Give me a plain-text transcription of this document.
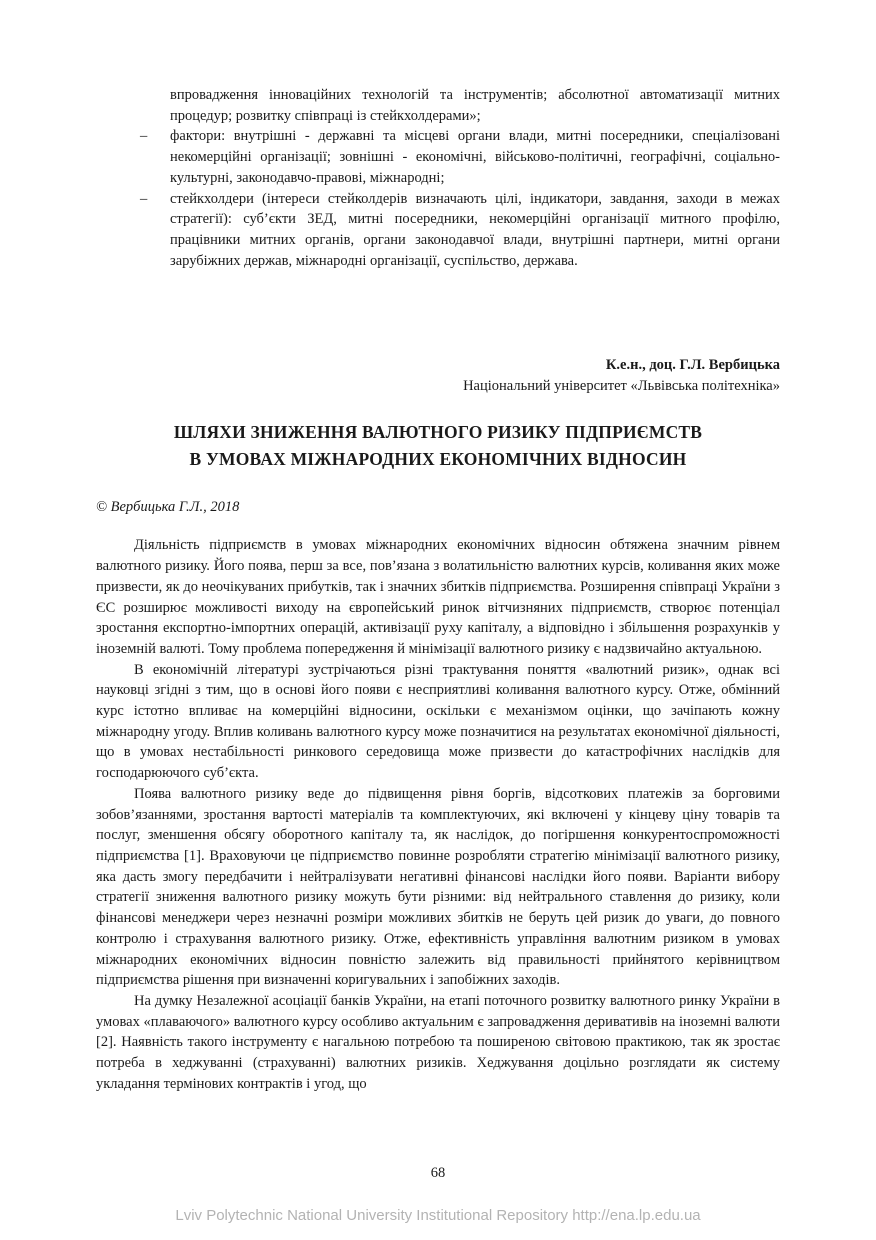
впровадження інноваційних технологій та інструментів; абсолютної автоматизації митних процедур; розвитку співпраці із стейкхолдерами»;

– фактори: внутрішні - державні та місцеві органи влади, митні посередники, спеціалізовані некомерційні організації; зовнішні - економічні, військово-політичні, географічні, соціально-культурні, законодавчо-правові, міжнародні;
– стейкхолдери (інтереси стейколдерів визначають цілі, індикатори, завдання, заходи в межах стратегії): суб’єкти ЗЕД, митні посередники, некомерційні організації митного профілю, працівники митних органів, органи законодавчої влади, внутрішні партнери, митні органи зарубіжних держав, міжнародні організації, суспільство, держава.

К.е.н., доц. Г.Л. Вербицька

Національний університет «Львівська політехніка»

ШЛЯХИ ЗНИЖЕННЯ ВАЛЮТНОГО РИЗИКУ ПІДПРИЄМСТВ
В УМОВАХ МІЖНАРОДНИХ ЕКОНОМІЧНИХ ВІДНОСИН

© Вербицька Г.Л., 2018

Діяльність підприємств в умовах міжнародних економічних відносин обтяжена значним рівнем валютного ризику. Його поява, перш за все, пов’язана з волатильністю валютних курсів, коливання яких може призвести, як до неочікуваних прибутків, так і значних збитків підприємства. Розширення співпраці України з ЄС розширює можливості виходу на європейський ринок вітчизняних підприємств, створює потенціал зростання експортно-імпортних операцій, активізації руху капіталу, а відповідно і збільшення розрахунків у іноземній валюті. Тому проблема попередження й мінімізації валютного ризику є надзвичайно актуальною.

В економічній літературі зустрічаються різні трактування поняття «валютний ризик», однак всі науковці згідні з тим, що в основі його появи є несприятливі коливання валютного курсу. Отже, обмінний курс істотно впливає на комерційні відносини, оскільки є механізмом оцінки, що зачіпають кожну міжнародну угоду. Вплив коливань валютного курсу може позначитися на результатах економічної діяльності, що в умовах нестабільності ринкового середовища може призвести до катастрофічних наслідків для господарюючого суб’єкта.

Поява валютного ризику веде до підвищення рівня боргів, відсоткових платежів за борговими зобов’язаннями, зростання вартості матеріалів та комплектуючих, які включені у кінцеву ціну товарів та послуг, зменшення обсягу оборотного капіталу та, як наслідок, до погіршення конкурентоспроможності підприємства [1]. Враховуючи це підприємство повинне розробляти стратегію мінімізації валютного ризику, яка дасть змогу передбачити і нейтралізувати негативні фінансові наслідки його появи. Варіанти вибору стратегії зниження валютного ризику можуть бути різними: від нейтрального ставлення до ризику, коли фінансові менеджери через незначні розміри можливих збитків не беруть цей ризик до уваги, до повного контролю і страхування валютного ризику. Отже, ефективність управління валютним ризиком в умовах міжнародних економічних відносин повністю залежить від правильності прийнятого керівництвом підприємства рішення при визначенні коригувальних і запобіжних заходів.

На думку Незалежної асоціації банків України, на етапі поточного розвитку валютного ринку України в умовах «плаваючого» валютного курсу особливо актуальним є запровадження деривативів на іноземні валюти [2]. Наявність такого інструменту є нагальною потребою та поширеною світовою практикою, так як зростає потреба в хеджуванні (страхуванні) валютних ризиків. Хеджування доцільно розглядати як систему укладання термінових контрактів і угод, що

68
Lviv Polytechnic National University Institutional Repository http://ena.lp.edu.ua
